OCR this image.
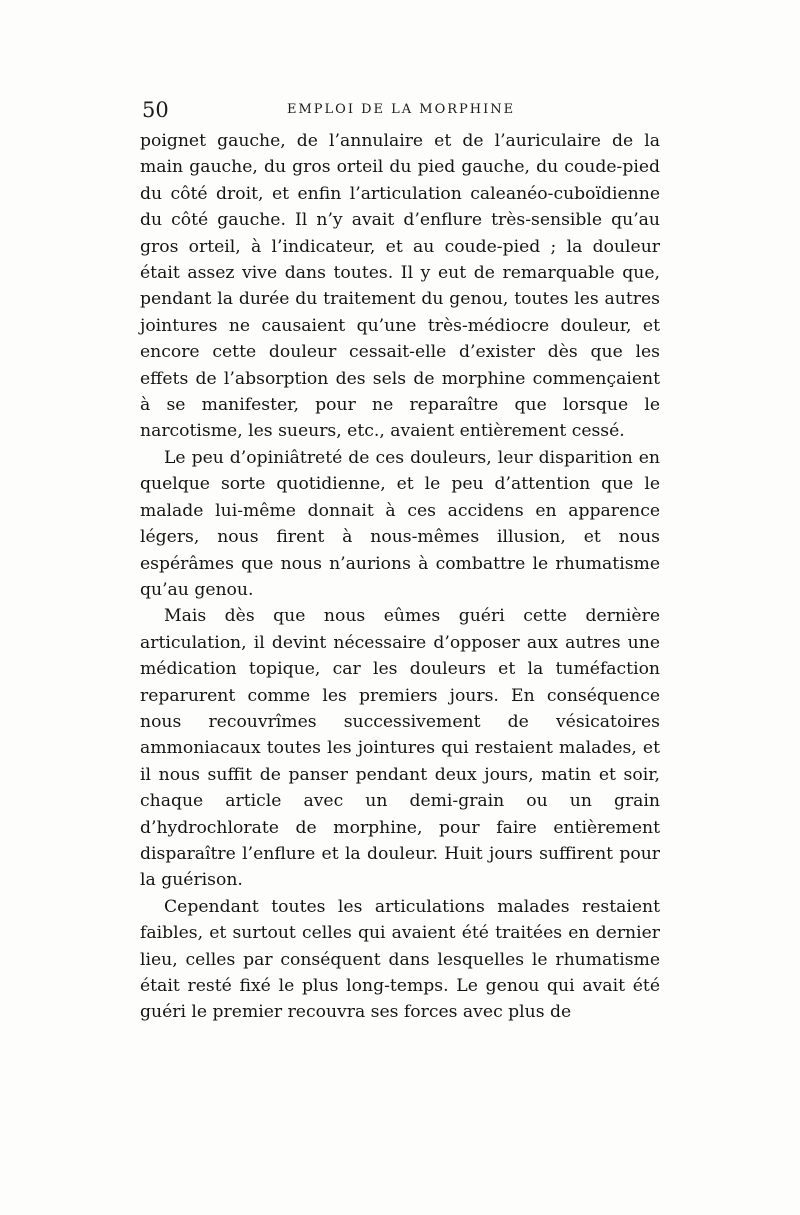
50	EMPLOI DE LA MORPHINE

poignet gauche, de l’annulaire et de l’auriculaire de la main gauche, du gros orteil du pied gauche, du coude-pied du côté droit, et enfin l’articulation caleanéo-cuboïdienne du côté gauche. Il n’y avait d’enflure très-sensible qu’au gros orteil, à l’indicateur, et au coude-pied ; la douleur était assez vive dans toutes. Il y eut de remarquable que, pendant la durée du traitement du genou, toutes les autres jointures ne causaient qu’une très-médiocre douleur, et encore cette douleur cessait-elle d’exister dès que les effets de l’absorption des sels de morphine commençaient à se manifester, pour ne reparaître que lorsque le narcotisme, les sueurs, etc., avaient entièrement cessé.

Le peu d’opiniâtreté de ces douleurs, leur disparition en quelque sorte quotidienne, et le peu d’attention que le malade lui-même donnait à ces accidens en apparence légers, nous firent à nous-mêmes illusion, et nous espérâmes que nous n’aurions à combattre le rhumatisme qu’au genou.

Mais dès que nous eûmes guéri cette dernière articulation, il devint nécessaire d’opposer aux autres une médication topique, car les douleurs et la tuméfaction reparurent comme les premiers jours. En conséquence nous recouvrîmes successivement de vésicatoires ammoniacaux toutes les jointures qui restaient malades, et il nous suffit de panser pendant deux jours, matin et soir, chaque article avec un demi-grain ou un grain d’hydrochlorate de morphine, pour faire entièrement disparaître l’enflure et la douleur. Huit jours suffirent pour la guérison.

Cependant toutes les articulations malades restaient faibles, et surtout celles qui avaient été traitées en dernier lieu, celles par conséquent dans lesquelles le rhumatisme était resté fixé le plus long-temps. Le genou qui avait été guéri le premier recouvra ses forces avec plus de
